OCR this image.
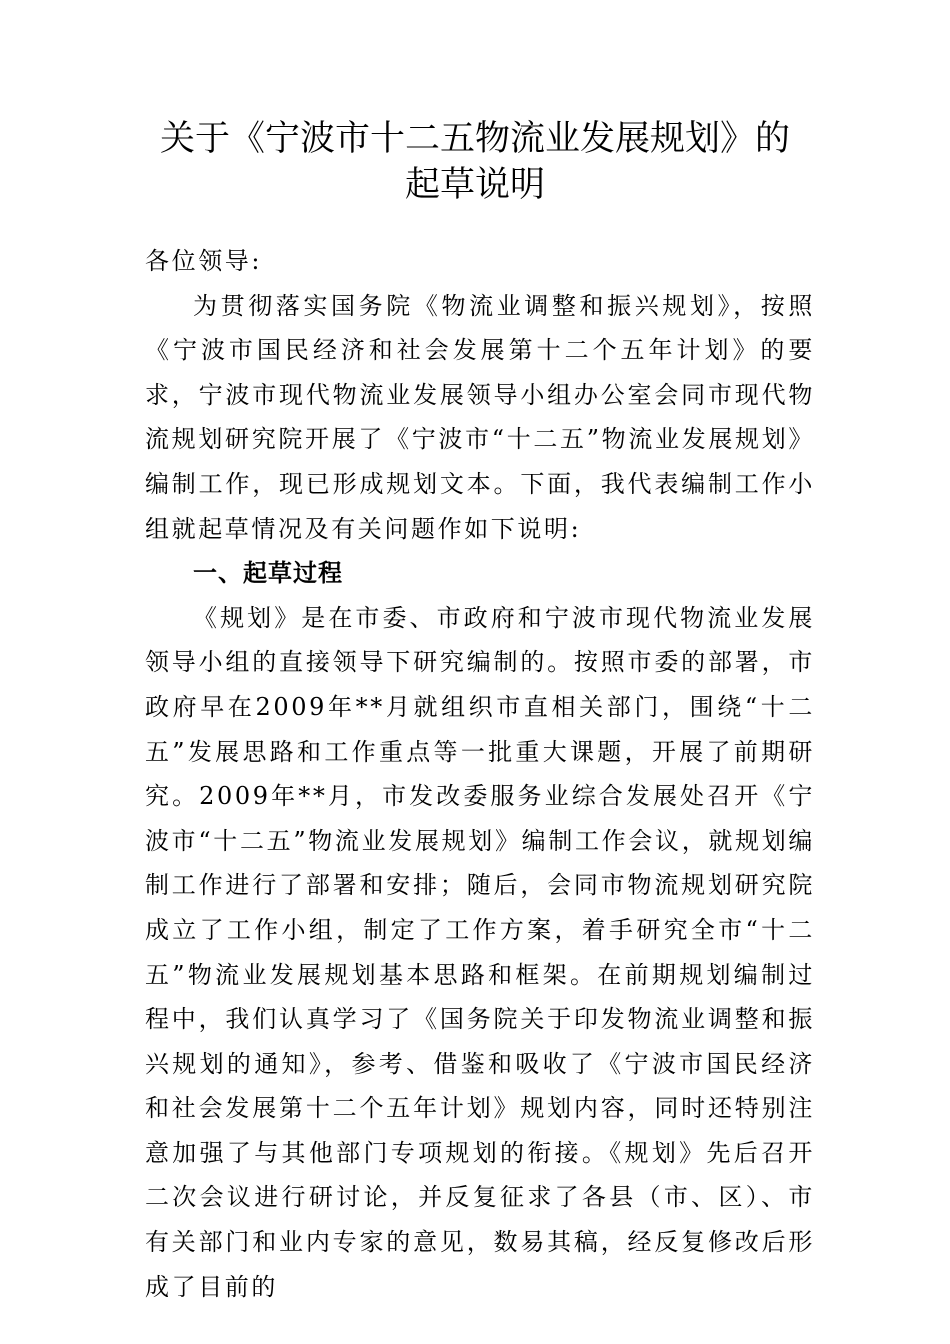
关于《宁波市十二五物流业发展规划》的
起草说明

各位领导:

为贯彻落实国务院《物流业调整和振兴规划》，按照《宁波市国民经济和社会发展第十二个五年计划》的要求，宁波市现代物流业发展领导小组办公室会同市现代物流规划研究院开展了《宁波市“十二五”物流业发展规划》编制工作，现已形成规划文本。下面，我代表编制工作小组就起草情况及有关问题作如下说明:

一、起草过程

《规划》是在市委、市政府和宁波市现代物流业发展领导小组的直接领导下研究编制的。按照市委的部署，市政府早在2009年**月就组织市直相关部门，围绕“十二五”发展思路和工作重点等一批重大课题，开展了前期研究。2009年**月，市发改委服务业综合发展处召开《宁波市“十二五”物流业发展规划》编制工作会议，就规划编制工作进行了部署和安排；随后，会同市物流规划研究院成立了工作小组，制定了工作方案，着手研究全市“十二五”物流业发展规划基本思路和框架。在前期规划编制过程中，我们认真学习了《国务院关于印发物流业调整和振兴规划的通知》，参考、借鉴和吸收了《宁波市国民经济和社会发展第十二个五年计划》规划内容，同时还特别注意加强了与其他部门专项规划的衔接。《规划》先后召开二次会议进行研讨论，并反复征求了各县（市、区）、市有关部门和业内专家的意见，数易其稿，经反复修改后形成了目前的
